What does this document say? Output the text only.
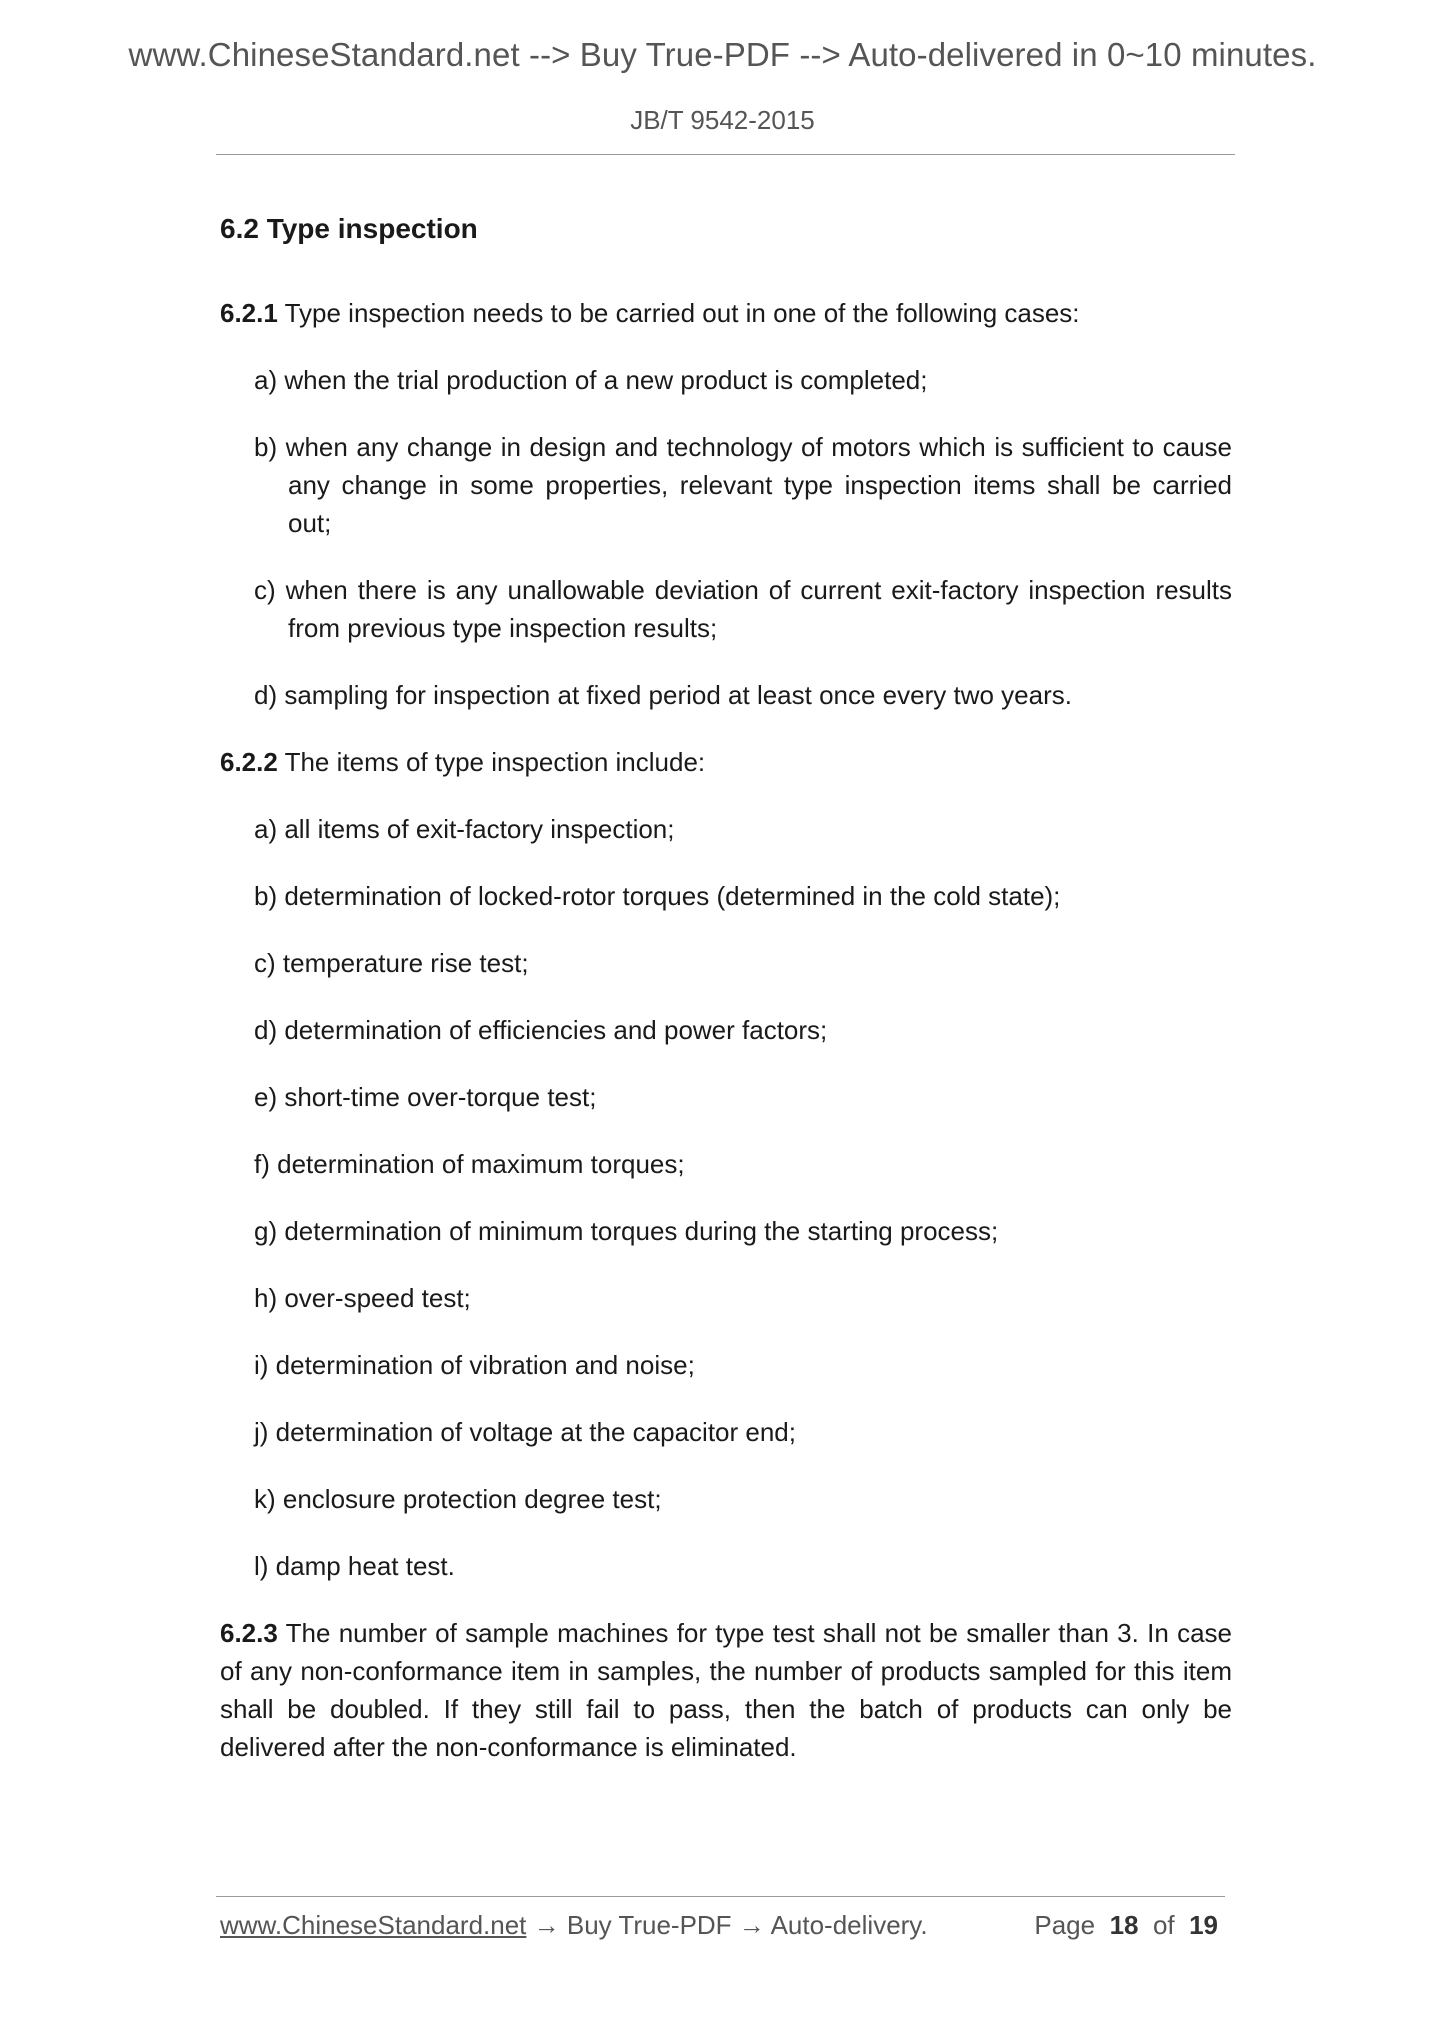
www.ChineseStandard.net --> Buy True-PDF --> Auto-delivered in 0~10 minutes.
JB/T 9542-2015
6.2 Type inspection
6.2.1 Type inspection needs to be carried out in one of the following cases:
a) when the trial production of a new product is completed;
b) when any change in design and technology of motors which is sufficient to cause any change in some properties, relevant type inspection items shall be carried out;
c) when there is any unallowable deviation of current exit-factory inspection results from previous type inspection results;
d) sampling for inspection at fixed period at least once every two years.
6.2.2 The items of type inspection include:
a) all items of exit-factory inspection;
b) determination of locked-rotor torques (determined in the cold state);
c) temperature rise test;
d) determination of efficiencies and power factors;
e) short-time over-torque test;
f) determination of maximum torques;
g) determination of minimum torques during the starting process;
h) over-speed test;
i) determination of vibration and noise;
j) determination of voltage at the capacitor end;
k) enclosure protection degree test;
l) damp heat test.
6.2.3 The number of sample machines for type test shall not be smaller than 3. In case of any non-conformance item in samples, the number of products sampled for this item shall be doubled. If they still fail to pass, then the batch of products can only be delivered after the non-conformance is eliminated.
www.ChineseStandard.net → Buy True-PDF → Auto-delivery.	Page 18 of 19
